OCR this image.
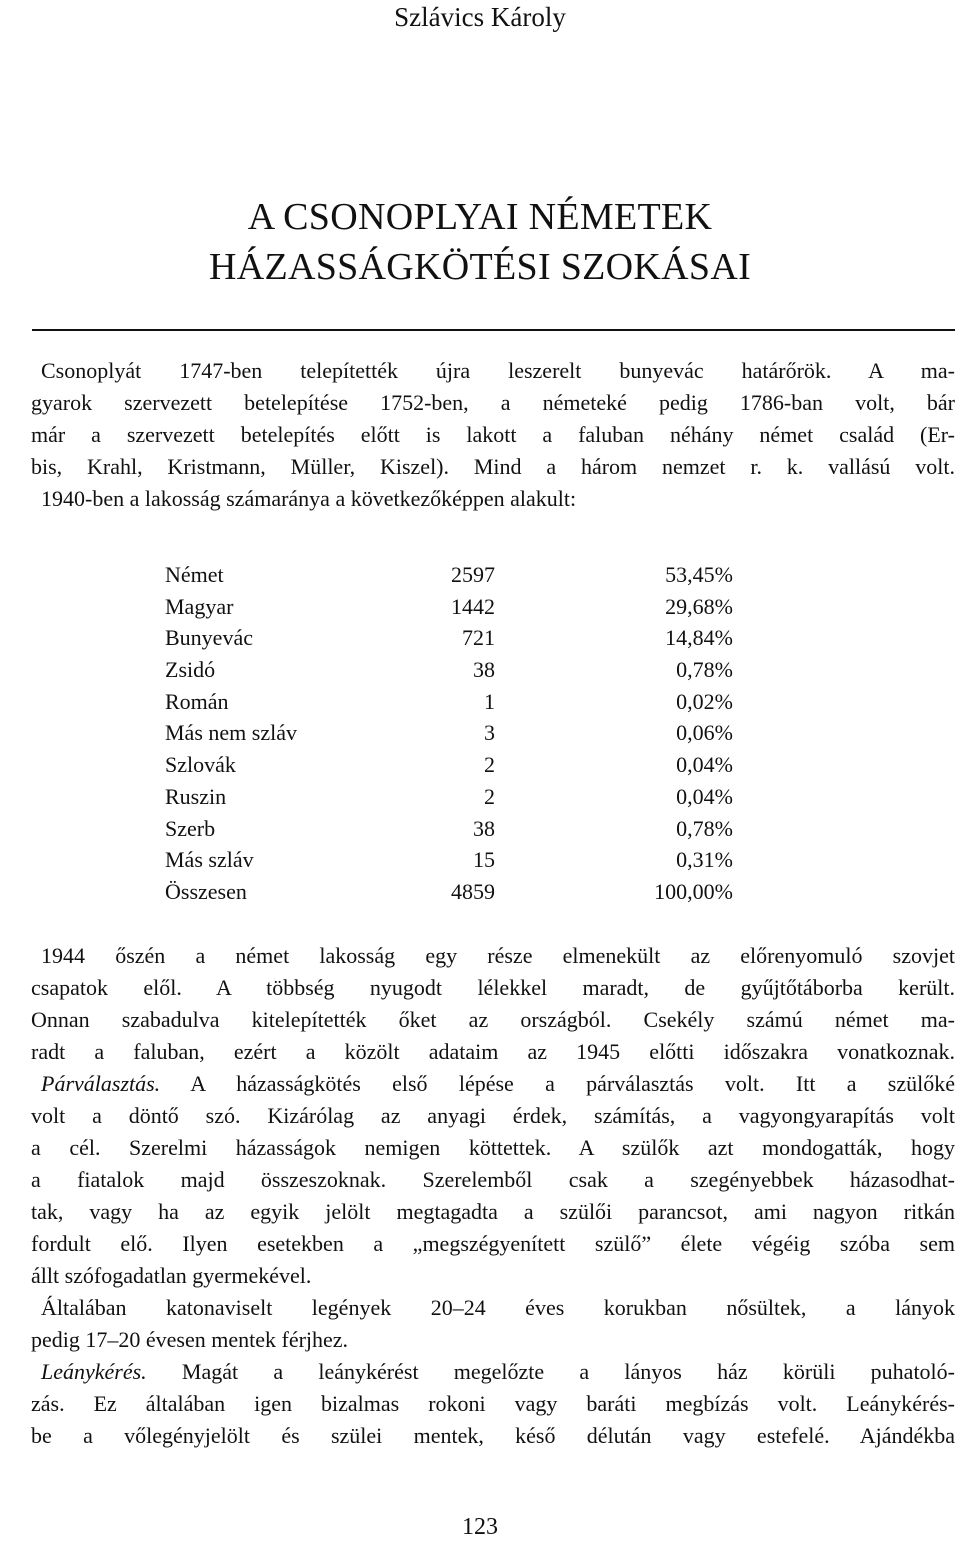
Szlávics Károly
A CSONOPLYAI NÉMETEK
HÁZASSÁGKÖTÉSI SZOKÁSAI
Csonoplyát 1747-ben telepítették újra leszerelt bunyevác határőrök. A ma-
gyarok szervezett betelepítése 1752-ben, a németeké pedig 1786-ban volt, bár
már a szervezett betelepítés előtt is lakott a faluban néhány német család (Er-
bis, Krahl, Kristmann, Müller, Kiszel). Mind a három nemzet r. k. vallású volt.
1940-ben a lakosság számaránya a következőképpen alakult:
Német	2597	53,45%
Magyar	1442	29,68%
Bunyevác	721	14,84%
Zsidó	38	0,78%
Román	1	0,02%
Más nem szláv	3	0,06%
Szlovák	2	0,04%
Ruszin	2	0,04%
Szerb	38	0,78%
Más szláv	15	0,31%
Összesen	4859	100,00%
1944 őszén a német lakosság egy része elmenekült az előrenyomuló szovjet
csapatok elől. A többség nyugodt lélekkel maradt, de gyűjtőtáborba került.
Onnan szabadulva kitelepítették őket az országból. Csekély számú német ma-
radt a faluban, ezért a közölt adataim az 1945 előtti időszakra vonatkoznak.
Párválasztás. A házasságkötés első lépése a párválasztás volt. Itt a szülőké
volt a döntő szó. Kizárólag az anyagi érdek, számítás, a vagyongyarapítás volt
a cél. Szerelmi házasságok nemigen köttettek. A szülők azt mondogatták, hogy
a fiatalok majd összeszoknak. Szerelemből csak a szegényebbek házasodhat-
tak, vagy ha az egyik jelölt megtagadta a szülői parancsot, ami nagyon ritkán
fordult elő. Ilyen esetekben a „megszégyenített szülő” élete végéig szóba sem
állt szófogadatlan gyermekével.
Általában katonaviselt legények 20–24 éves korukban nősültek, a lányok
pedig 17–20 évesen mentek férjhez.
Leánykérés. Magát a leánykérést megelőzte a lányos ház körüli puhatoló-
zás. Ez általában igen bizalmas rokoni vagy baráti megbízás volt. Leánykérés-
be a vőlegényjelölt és szülei mentek, késő délután vagy estefelé. Ajándékba
123
